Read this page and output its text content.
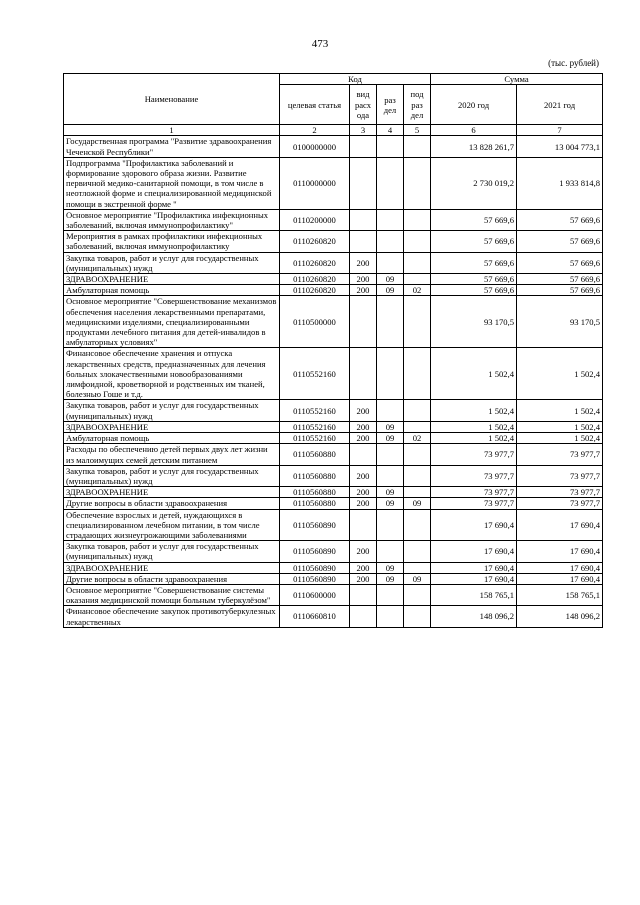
473
(тыс. рублей)
Наименование	Код				Сумма	
	целевая статья	вид расх ода	раз дел	под раз дел	2020 год	2021 год
1	2	3	4	5	6	7
Государственная программа "Развитие здравоохранения Чеченской Республики"	0100000000				13 828 261,7	13 004 773,1
Подпрограмма "Профилактика заболеваний и формирование здорового образа жизни. Развитие первичной медико-санитарной помощи, в том числе в неотложной форме и специализированной медицинской помощи в экстренной форме "	0110000000				2 730 019,2	1 933 814,8
Основное мероприятие "Профилактика инфекционных заболеваний, включая иммунопрофилактику"	0110200000				57 669,6	57 669,6
Мероприятия в рамках профилактики инфекционных заболеваний, включая иммунопрофилактику	0110260820				57 669,6	57 669,6
Закупка товаров, работ и услуг для государственных (муниципальных) нужд	0110260820	200			57 669,6	57 669,6
ЗДРАВООХРАНЕНИЕ	0110260820	200	09		57 669,6	57 669,6
Амбулаторная помощь	0110260820	200	09	02	57 669,6	57 669,6
Основное мероприятие "Совершенствование механизмов обеспечения населения лекарственными препаратами, медицинскими изделиями, специализированными продуктами лечебного питания для детей-инвалидов в амбулаторных условиях"	0110500000				93 170,5	93 170,5
Финансовое обеспечение хранения и отпуска лекарственных средств, предназначенных для лечения больных злокачественными новообразованиями лимфоидной, кроветворной и родственных им тканей, болезнью Гоше и т.д.	0110552160				1 502,4	1 502,4
Закупка товаров, работ и услуг для государственных (муниципальных) нужд	0110552160	200			1 502,4	1 502,4
ЗДРАВООХРАНЕНИЕ	0110552160	200	09		1 502,4	1 502,4
Амбулаторная помощь	0110552160	200	09	02	1 502,4	1 502,4
Расходы по обеспечению детей первых двух лет жизни из малоимущих семей детским питанием	0110560880				73 977,7	73 977,7
Закупка товаров, работ и услуг для государственных (муниципальных) нужд	0110560880	200			73 977,7	73 977,7
ЗДРАВООХРАНЕНИЕ	0110560880	200	09		73 977,7	73 977,7
Другие вопросы в области здравоохранения	0110560880	200	09	09	73 977,7	73 977,7
Обеспечение взрослых и детей, нуждающихся в специализированном лечебном питании, в том числе страдающих жизнеугрожающими заболеваниями	0110560890				17 690,4	17 690,4
Закупка товаров, работ и услуг для государственных (муниципальных) нужд	0110560890	200			17 690,4	17 690,4
ЗДРАВООХРАНЕНИЕ	0110560890	200	09		17 690,4	17 690,4
Другие вопросы в области здравоохранения	0110560890	200	09	09	17 690,4	17 690,4
Основное мероприятие "Совершенствование системы оказания медицинской помощи больным туберкулёзом"	0110600000				158 765,1	158 765,1
Финансовое обеспечение закупок противотуберкулезных лекарственных	0110660810				148 096,2	148 096,2
